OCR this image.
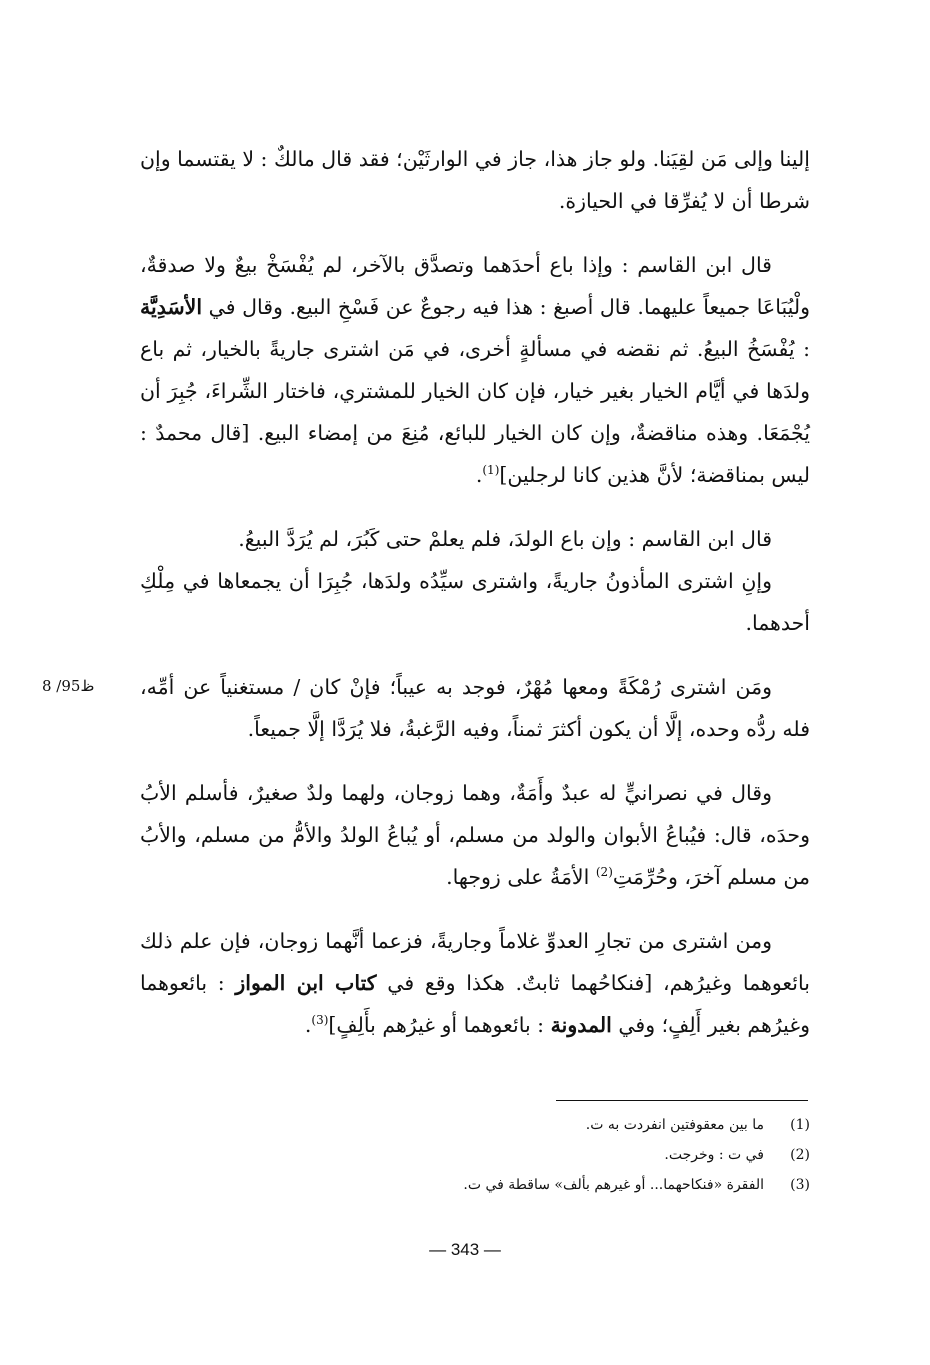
إلينا وإلى مَن لقِيَنا. ولو جاز هذا، جاز في الوارثَيْن؛ فقد قال مالكٌ : لا يقتسما وإن شرطا أن لا يُفرِّقا في الحيازة.

قال ابن القاسم : وإذا باع أحدَهما وتصدَّق بالآخر، لم يُفْسَخْ بيعٌ ولا صدقةٌ، ولْيُبَاعَا جميعاً عليهما. قال أصبغ : هذا فيه رجوعٌ عن فَسْخِ البيع. وقال في الأسَدِيَّة : يُفْسَخُ البيعُ. ثم نقضه في مسألةٍ أخرى، في مَن اشترى جاريةً بالخيار، ثم باع ولدَها في أيَّام الخيار بغير خيار، فإن كان الخيار للمشتري، فاختار الشِّراءَ، جُبِرَ أن يُجْمَعَا. وهذه مناقضةٌ، وإن كان الخيار للبائع، مُنِعَ من إمضاء البيع. [قال محمدٌ : ليس بمناقضة؛ لأنَّ هذين كانا لرجلين]$^{(1)}$.

قال ابن القاسم : وإن باع الولدَ، فلم يعلمْ حتى كَبُرَ، لم يُرَدَّ البيعُ.

وإنِ اشترى المأذونُ جاريةً، واشترى سيِّدُه ولدَها، جُبِرَا أن يجمعاها في مِلْكِ أحدهما.

ومَن اشترى رُمْكَةً ومعها مُهْرٌ، فوجد به عيباً؛ فإنْ كان / مستغنياً عن أمِّه، فله ردُّه وحده، إلَّا أن يكون أكثرَ ثمناً، وفيه الرَّغبةُ، فلا يُرَدَّا إلَّا جميعاً.

وقال في نصرانيٍّ له عبدٌ وأَمَةٌ، وهما زوجان، ولهما ولدٌ صغيرٌ، فأسلم الأبُ وحدَه، قال: فيُباعُ الأبوان والولد من مسلم، أو يُباعُ الولدُ والأمُّ من مسلم، والأبُ من مسلم آخرَ، وحُرِّمَتِ$^{(2)}$ الأمَةُ على زوجها.

ومن اشترى من تجارِ العدوِّ غلاماً وجاريةً، فزعما أنَّهما زوجان، فإن علم ذلك بائعوهما وغيرُهم، [فنكاحُهما ثابتٌ. هكذا وقع في كتاب ابن المواز : بائعوهما وغيرُهم بغير أَلِفٍ؛ وفي المدونة : بائعوهما أو غيرُهم بأَلِفٍ]$^{(3)}$.

8 /95ظ
(1)
ما بين معقوفتين انفردت به ت.
(2)
في ت : وخرجت.
(3)
الفقرة «فنكاحهما... أو غيرهم بألف» ساقطة في ت.
— 343 —
